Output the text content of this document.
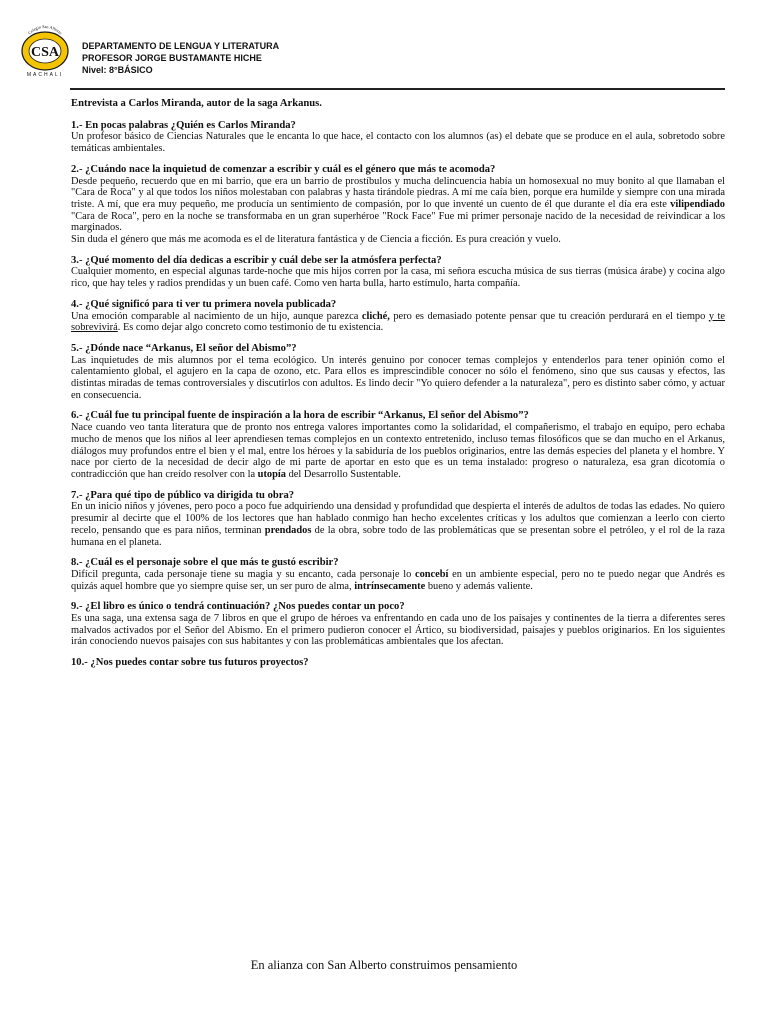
CSA
Colegio San Alberto
MACHALI
DEPARTAMENTO DE LENGUA Y LITERATURA
PROFESOR JORGE BUSTAMANTE HICHE
Nivel: 8°BÁSICO
Entrevista a Carlos Miranda, autor de la saga Arkanus.
1.- En pocas palabras ¿Quién es Carlos Miranda?

Un profesor básico de Ciencias Naturales que le encanta lo que hace, el contacto con los alumnos (as) el debate que se produce en el aula, sobretodo sobre temáticas ambientales.

2.- ¿Cuándo nace la inquietud de comenzar a escribir y cuál es el género que más te acomoda?

Desde pequeño, recuerdo que en mi barrio, que era un barrio de prostíbulos y mucha delincuencia había un homosexual no muy bonito al que llamaban el "Cara de Roca" y al que todos los niños molestaban con palabras y hasta tirándole piedras. A mí me caía bien, porque era humilde y siempre con una mirada triste. A mí, que era muy pequeño, me producía un sentimiento de compasión, por lo que inventé un cuento de él que durante el día era este vilipendiado "Cara de Roca", pero en la noche se transformaba en un gran superhéroe "Rock Face" Fue mi primer personaje nacido de la necesidad de reivindicar a los marginados.

Sin duda el género que más me acomoda es el de literatura fantástica y de Ciencia a ficción. Es pura creación y vuelo.

3.- ¿Qué momento del día dedicas a escribir y cuál debe ser la atmósfera perfecta?

Cualquier momento, en especial algunas tarde-noche que mis hijos corren por la casa, mi señora escucha música de sus tierras (música árabe) y cocina algo rico, que hay teles y radios prendidas y un buen café. Como ven harta bulla, harto estímulo, harta compañía.

4.- ¿Qué significó para ti ver tu primera novela publicada?

Una emoción comparable al nacimiento de un hijo, aunque parezca cliché, pero es demasiado potente pensar que tu creación perdurará en el tiempo y te sobrevivirá. Es como dejar algo concreto como testimonio de tu existencia.

5.- ¿Dónde nace “Arkanus, El señor del Abismo”?

Las inquietudes de mis alumnos por el tema ecológico. Un interés genuino por conocer temas complejos y entenderlos para tener opinión como el calentamiento global, el agujero en la capa de ozono, etc. Para ellos es imprescindible conocer no sólo el fenómeno, sino que sus causas y efectos, las distintas miradas de temas controversiales y discutirlos con adultos. Es lindo decir "Yo quiero defender a la naturaleza", pero es distinto saber cómo, y actuar en consecuencia.

6.- ¿Cuál fue tu principal fuente de inspiración a la hora de escribir “Arkanus, El señor del Abismo”?

Nace cuando veo tanta literatura que de pronto nos entrega valores importantes como la solidaridad, el compañerismo, el trabajo en equipo, pero echaba mucho de menos que los niños al leer aprendiesen temas complejos en un contexto entretenido, incluso temas filosóficos que se dan mucho en el Arkanus, diálogos muy profundos entre el bien y el mal, entre los héroes y la sabiduría de los pueblos originarios, entre las demás especies del planeta y el hombre. Y nace por cierto de la necesidad de decir algo de mi parte de aportar en esto que es un tema instalado: progreso o naturaleza, esa gran dicotomía o contradicción que han creído resolver con la utopía del Desarrollo Sustentable.

7.- ¿Para qué tipo de público va dirigida tu obra?

En un inicio niños y jóvenes, pero poco a poco fue adquiriendo una densidad y profundidad que despierta el interés de adultos de todas las edades. No quiero presumir al decirte que el 100% de los lectores que han hablado conmigo han hecho excelentes críticas y los adultos que comienzan a leerlo con cierto recelo, pensando que es para niños, terminan prendados de la obra, sobre todo de las problemáticas que se presentan sobre el petróleo, y el rol de la raza humana en el planeta.

8.- ¿Cuál es el personaje sobre el que más te gustó escribir?

Difícil pregunta, cada personaje tiene su magia y su encanto, cada personaje lo concebí en un ambiente especial, pero no te puedo negar que Andrés es quizás aquel hombre que yo siempre quise ser, un ser puro de alma, intrínsecamente bueno y además valiente.

9.- ¿El libro es único o tendrá continuación? ¿Nos puedes contar un poco?

Es una saga, una extensa saga de 7 libros en que el grupo de héroes va enfrentando en cada uno de los paisajes y continentes de la tierra a diferentes seres malvados activados por el Señor del Abismo. En el primero pudieron conocer el Ártico, su biodiversidad, paisajes y pueblos originarios. En los siguientes irán conociendo nuevos paisajes con sus habitantes y con las problemáticas ambientales que los afectan.

10.- ¿Nos puedes contar sobre tus futuros proyectos?
En alianza con San Alberto construimos pensamiento
